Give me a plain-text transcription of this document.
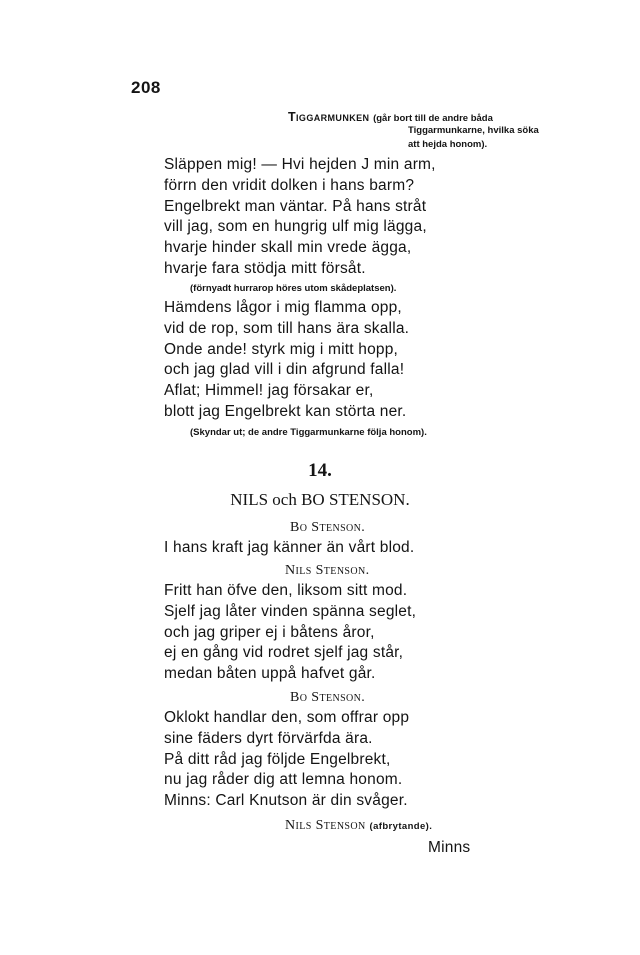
208
Tiggarmunken (går bort till de andre båda
Tiggarmunkarne, hvilka söka
att hejda honom).
Släppen mig! — Hvi hejden J min arm,
förrn den vridit dolken i hans barm?
Engelbrekt man väntar. På hans stråt
vill jag, som en hungrig ulf mig lägga,
hvarje hinder skall min vrede ägga,
hvarje fara stödja mitt försåt.
(förnyadt hurrarop höres utom skådeplatsen).
Hämdens lågor i mig flamma opp,
vid de rop, som till hans ära skalla.
Onde ande! styrk mig i mitt hopp,
och jag glad vill i din afgrund falla!
Aflat; Himmel! jag försakar er,
blott jag Engelbrekt kan störta ner.
(Skyndar ut; de andre Tiggarmunkarne följa honom).
14.
NILS och BO STENSON.
Bo Stenson.
I hans kraft jag känner än vårt blod.
Nils Stenson.
Fritt han öfve den, liksom sitt mod.
Sjelf jag låter vinden spänna seglet,
och jag griper ej i båtens åror,
ej en gång vid rodret sjelf jag står,
medan båten uppå hafvet går.
Bo Stenson.
Oklokt handlar den, som offrar opp
sine fäders dyrt förvärfda ära.
På ditt råd jag följde Engelbrekt,
nu jag råder dig att lemna honom.
Minns: Carl Knutson är din svåger.
Nils Stenson (afbrytande).
Minns
